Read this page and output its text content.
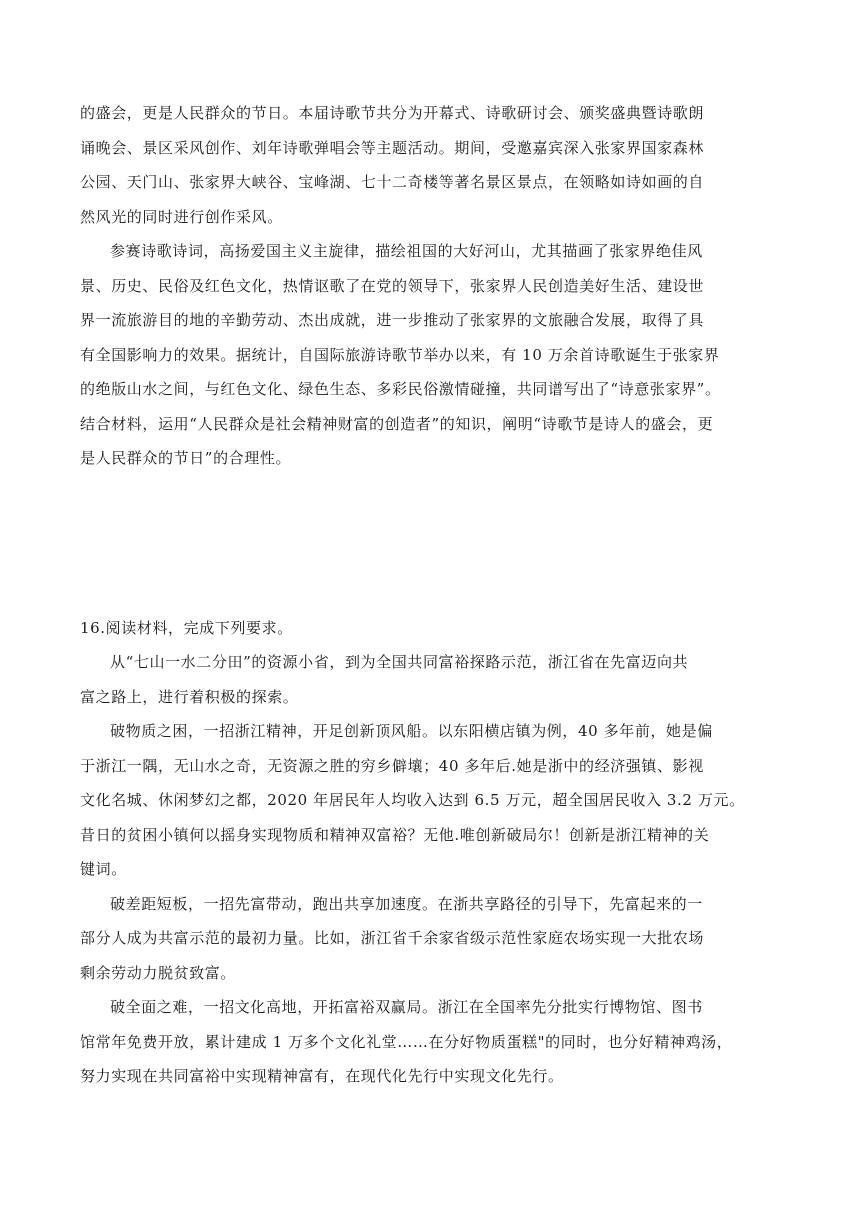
的盛会，更是人民群众的节日。本届诗歌节共分为开幕式、诗歌研讨会、颁奖盛典暨诗歌朗
诵晚会、景区采风创作、刘年诗歌弹唱会等主题活动。期间，受邀嘉宾深入张家界国家森林
公园、天门山、张家界大峡谷、宝峰湖、七十二奇楼等著名景区景点，在领略如诗如画的自
然风光的同时进行创作采风。
参赛诗歌诗词，高扬爱国主义主旋律，描绘祖国的大好河山，尤其描画了张家界绝佳风
景、历史、民俗及红色文化，热情讴歌了在党的领导下，张家界人民创造美好生活、建设世
界一流旅游目的地的辛勤劳动、杰出成就，进一步推动了张家界的文旅融合发展，取得了具
有全国影响力的效果。据统计，自国际旅游诗歌节举办以来，有 10 万余首诗歌诞生于张家界
的绝版山水之间，与红色文化、绿色生态、多彩民俗激情碰撞，共同谱写出了“诗意张家界”。
结合材料，运用“人民群众是社会精神财富的创造者”的知识，阐明“诗歌节是诗人的盛会，更
是人民群众的节日”的合理性。
16.阅读材料，完成下列要求。
从“七山一水二分田”的资源小省，到为全国共同富裕探路示范，浙江省在先富迈向共
富之路上，进行着积极的探索。
破物质之困，一招浙江精神，开足创新顶风船。以东阳横店镇为例，40 多年前，她是偏
于浙江一隅，无山水之奇，无资源之胜的穷乡僻壤；40 多年后.她是浙中的经济强镇、影视
文化名城、休闲梦幻之都，2020 年居民年人均收入达到 6.5 万元，超全国居民收入 3.2 万元。
昔日的贫困小镇何以摇身实现物质和精神双富裕？无他.唯创新破局尔！创新是浙江精神的关
键词。
破差距短板，一招先富带动，跑出共享加速度。在浙共享路径的引导下，先富起来的一
部分人成为共富示范的最初力量。比如，浙江省千余家省级示范性家庭农场实现一大批农场
剩余劳动力脱贫致富。
破全面之难，一招文化高地，开拓富裕双赢局。浙江在全国率先分批实行博物馆、图书
馆常年免费开放，累计建成 1 万多个文化礼堂……在分好物质蛋糕"的同时，也分好精神鸡汤，
努力实现在共同富裕中实现精神富有，在现代化先行中实现文化先行。
